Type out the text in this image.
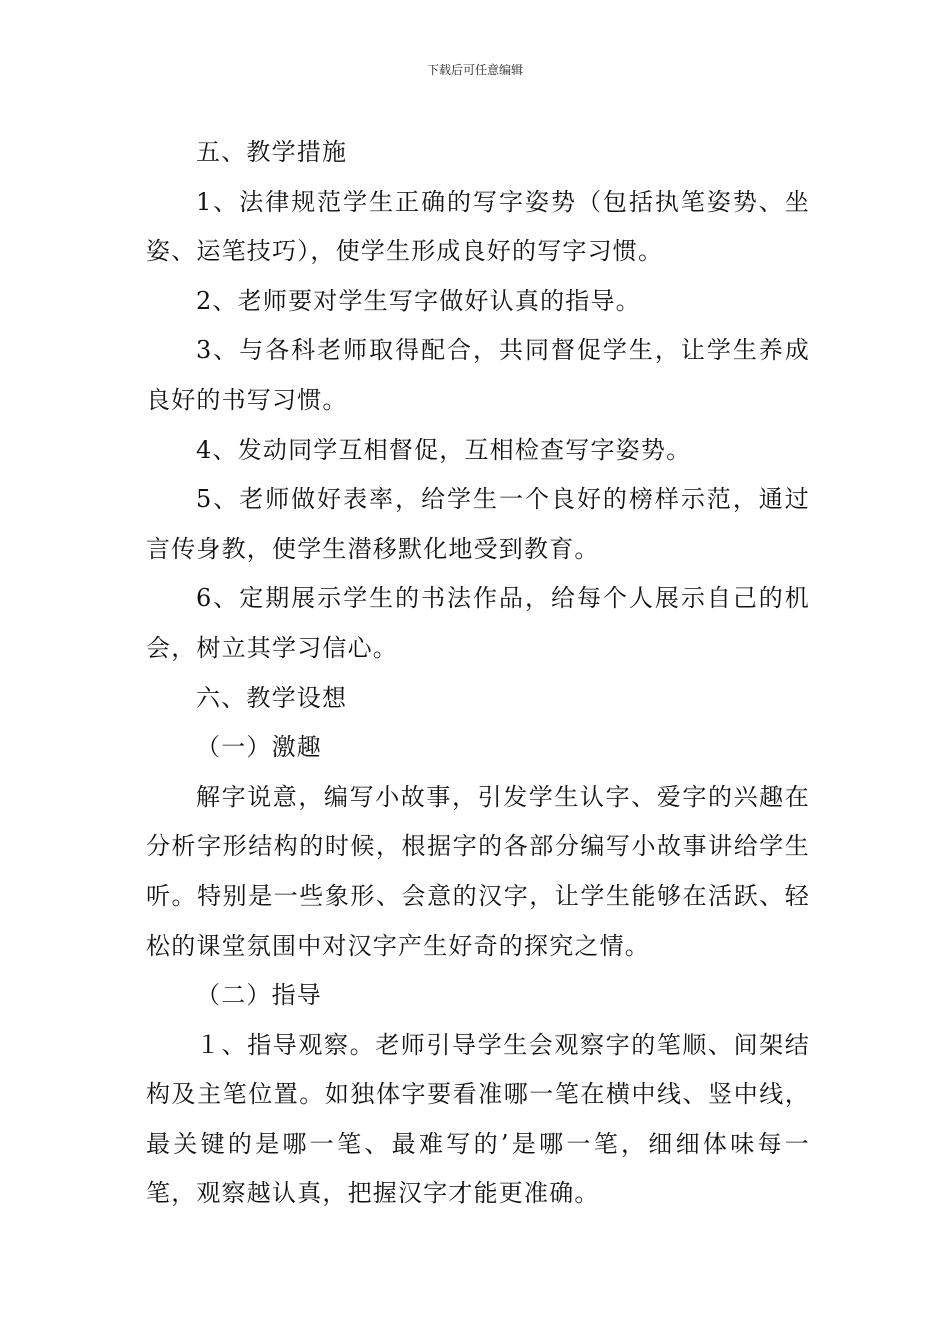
下载后可任意编辑

五、教学措施

1、法律规范学生正确的写字姿势（包括执笔姿势、坐姿、运笔技巧），使学生形成良好的写字习惯。

2、老师要对学生写字做好认真的指导。

3、与各科老师取得配合，共同督促学生，让学生养成良好的书写习惯。

4、发动同学互相督促，互相检查写字姿势。

5、老师做好表率，给学生一个良好的榜样示范，通过言传身教，使学生潜移默化地受到教育。

6、定期展示学生的书法作品，给每个人展示自己的机会，树立其学习信心。

六、教学设想

（一）激趣

解字说意，编写小故事，引发学生认字、爱字的兴趣在分析字形结构的时候，根据字的各部分编写小故事讲给学生听。特别是一些象形、会意的汉字，让学生能够在活跃、轻松的课堂氛围中对汉字产生好奇的探究之情。

（二）指导

１、指导观察。老师引导学生会观察字的笔顺、间架结构及主笔位置。如独体字要看准哪一笔在横中线、竖中线，最关键的是哪一笔、最难写的’是哪一笔，细细体味每一笔，观察越认真，把握汉字才能更准确。
